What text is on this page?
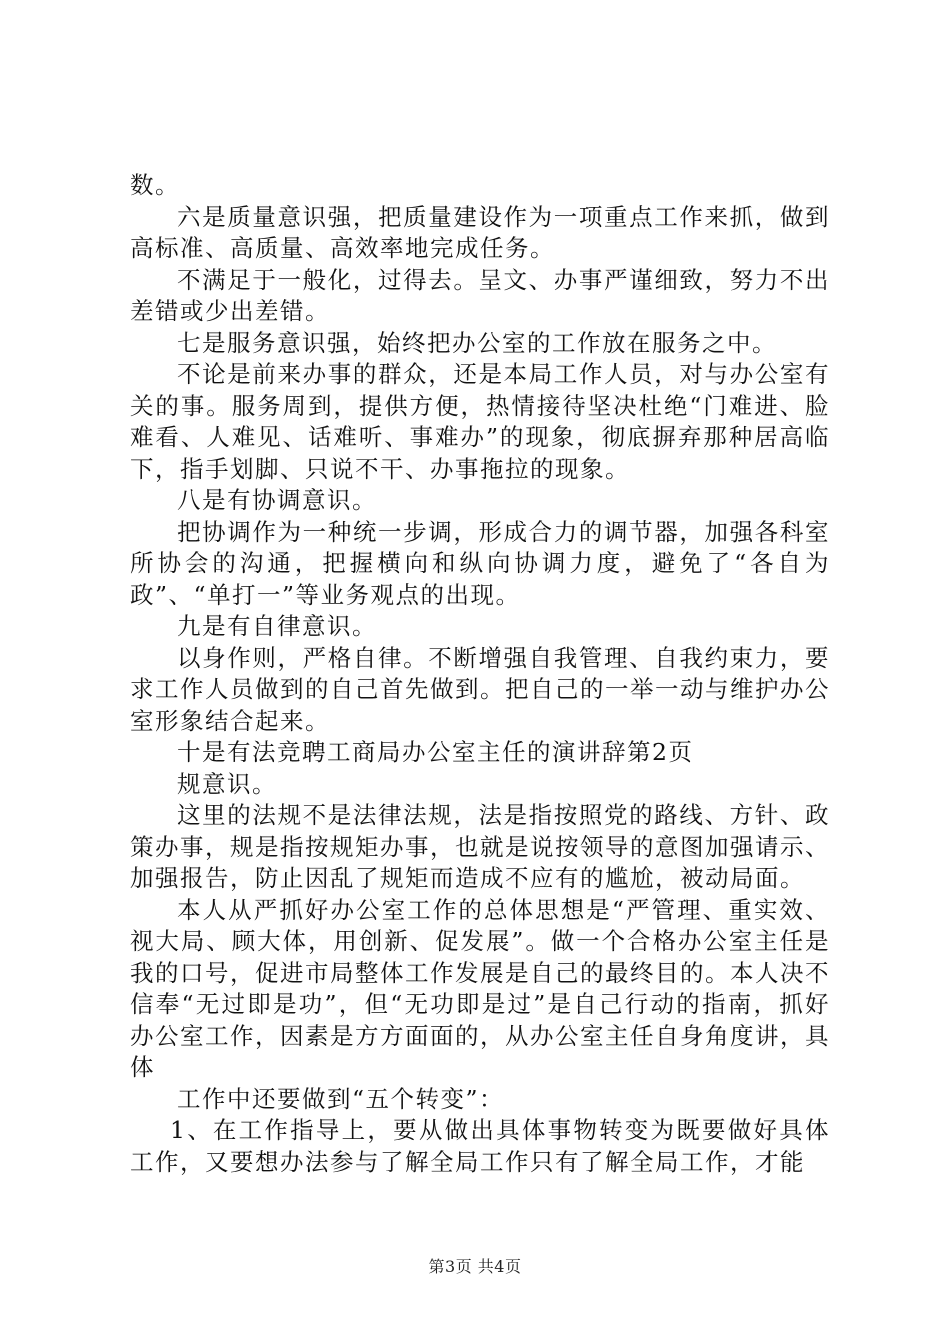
数。

六是质量意识强，把质量建设作为一项重点工作来抓，做到高标准、高质量、高效率地完成任务。

不满足于一般化，过得去。呈文、办事严谨细致，努力不出差错或少出差错。

七是服务意识强，始终把办公室的工作放在服务之中。

不论是前来办事的群众，还是本局工作人员，对与办公室有关的事。服务周到，提供方便，热情接待坚决杜绝“门难进、脸难看、人难见、话难听、事难办”的现象，彻底摒弃那种居高临下，指手划脚、只说不干、办事拖拉的现象。

八是有协调意识。

把协调作为一种统一步调，形成合力的调节器，加强各科室所协会的沟通，把握横向和纵向协调力度，避免了“各自为政”、“单打一”等业务观点的出现。

九是有自律意识。

以身作则，严格自律。不断增强自我管理、自我约束力，要求工作人员做到的自己首先做到。把自己的一举一动与维护办公室形象结合起来。

十是有法竞聘工商局办公室主任的演讲辞第2页

规意识。

这里的法规不是法律法规，法是指按照党的路线、方针、政策办事，规是指按规矩办事，也就是说按领导的意图加强请示、加强报告，防止因乱了规矩而造成不应有的尴尬，被动局面。

本人从严抓好办公室工作的总体思想是“严管理、重实效、视大局、顾大体，用创新、促发展”。做一个合格办公室主任是我的口号，促进市局整体工作发展是自己的最终目的。本人决不信奉“无过即是功”，但“无功即是过”是自己行动的指南，抓好办公室工作，因素是方方面面的，从办公室主任自身角度讲，具体

工作中还要做到“五个转变”：

1、在工作指导上，要从做出具体事物转变为既要做好具体工作，又要想办法参与了解全局工作只有了解全局工作，才能

第3页 共4页
